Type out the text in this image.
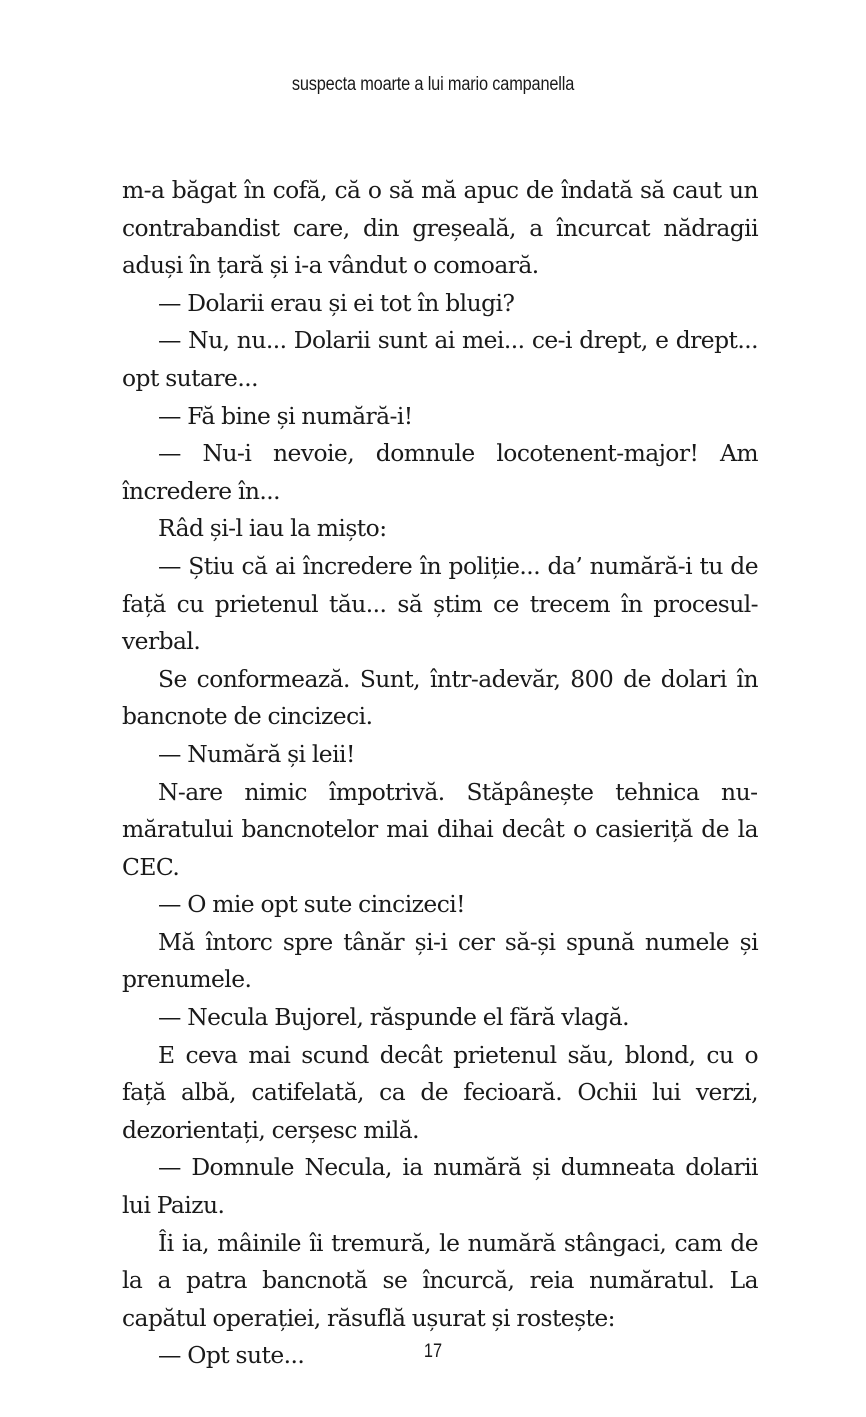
suspecta moarte a lui mario campanella

m-a băgat în cofă, că o să mă apuc de îndată să caut un contrabandist care, din greșeală, a încurcat nădragii aduși în țară și i-a vândut o comoară.

— Dolarii erau și ei tot în blugi?

— Nu, nu... Dolarii sunt ai mei... ce-i drept, e drept... opt sutare...

— Fă bine și numără-i!

— Nu-i nevoie, domnule locotenent-major! Am încredere în...

Râd și-l iau la mișto:

— Știu că ai încredere în poliție... da’ numără-i tu de față cu prietenul tău... să știm ce trecem în procesul-verbal.

Se conformează. Sunt, într-adevăr, 800 de dolari în bancnote de cincizeci.

— Numără și leii!

N-are nimic împotrivă. Stăpânește tehnica număratului bancnotelor mai dihai decât o casieriță de la CEC.

— O mie opt sute cincizeci!

Mă întorc spre tânăr și-i cer să-și spună numele și prenumele.

— Necula Bujorel, răspunde el fără vlagă.

E ceva mai scund decât prietenul său, blond, cu o față albă, catifelată, ca de fecioară. Ochii lui verzi, dezorientați, cerșesc milă.

— Domnule Necula, ia numără și dumneata dolarii lui Paizu.

Îi ia, mâinile îi tremură, le numără stângaci, cam de la a patra bancnotă se încurcă, reia număratul. La capătul operației, răsuflă ușurat și rostește:

— Opt sute...	17
